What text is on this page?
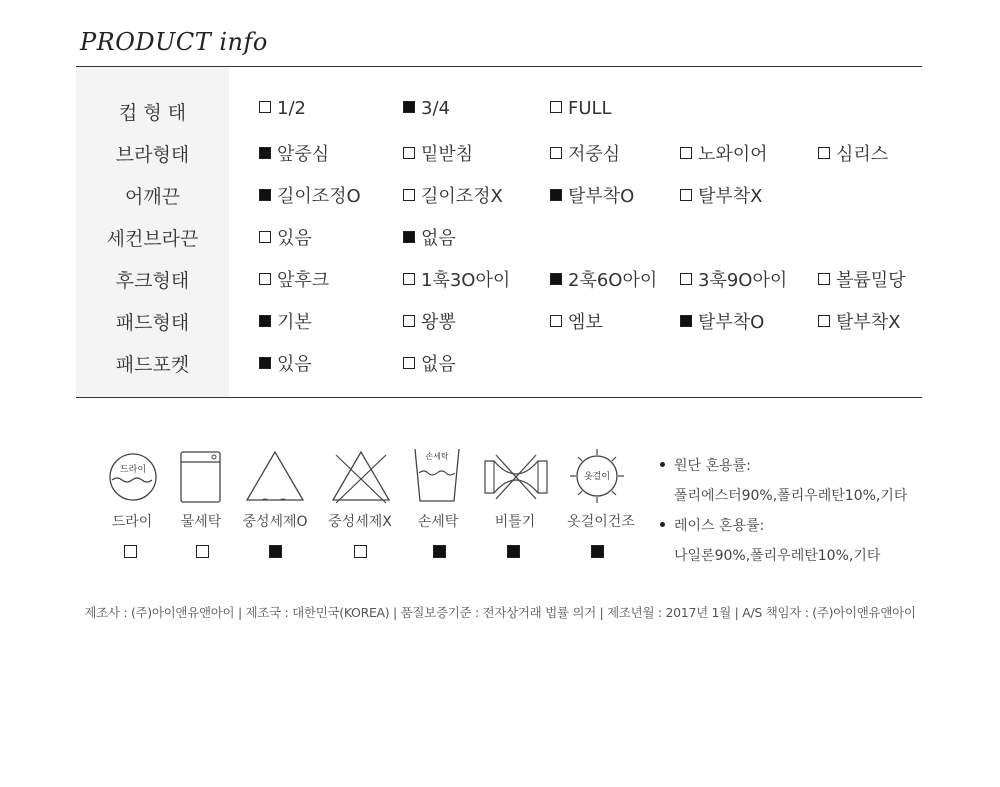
PRODUCT info
컵 형 태	1/2	3/4	FULL
브라형태	앞중심	밑받침	저중심	노와이어	심리스
어깨끈	길이조정O	길이조정X	탈부착O	탈부착X
세컨브라끈	있음	없음
후크형태	앞후크	1훅3O아이	2훅6O아이	3훅9O아이	볼륨밀당
패드형태	기본	왕뽕	엠보	탈부착O	탈부착X
패드포켓	있음	없음
드라이
손세탁
옷걸이
드라이	물세탁	중성세제O	중성세제X	손세탁	비틀기	옷걸이건조
원단 혼용률:
폴리에스터90%,폴리우레탄10%,기타
레이스 혼용률:
나일론90%,폴리우레탄10%,기타
제조사 : (주)아이앤유앤아이 | 제조국 : 대한민국(KOREA) | 품질보증기준 : 전자상거래 법률 의거 | 제조년월 : 2017년 1월 | A/S 책임자 : (주)아이앤유앤아이
